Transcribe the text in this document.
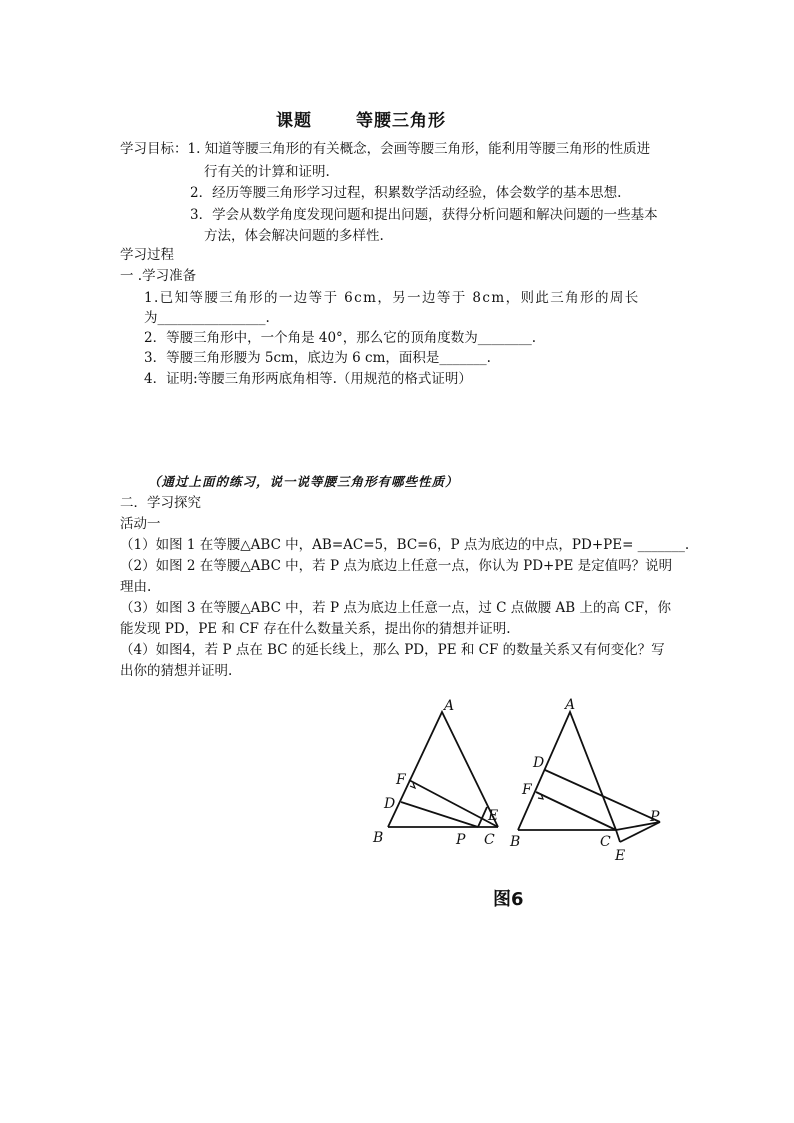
课题	等腰三角形
学习目标：1. 知道等腰三角形的有关概念，会画等腰三角形，能利用等腰三角形的性质进
行有关的计算和证明.
2．经历等腰三角形学习过程，积累数学活动经验，体会数学的基本思想.
3．学会从数学角度发现问题和提出问题，获得分析问题和解决问题的一些基本
方法，体会解决问题的多样性.
学习过程
一 .学习准备
1.已知等腰三角形的一边等于 6cm，另一边等于 8cm，则此三角形的周长
为________________.
2．等腰三角形中，一个角是 40°，那么它的顶角度数为________.
3．等腰三角形腰为 5cm，底边为 6 cm，面积是_______.
4．证明:等腰三角形两底角相等.（用规范的格式证明）
（通过上面的练习，说一说等腰三角形有哪些性质）
二．学习探究
活动一
（1）如图 1 在等腰△ABC 中，AB=AC=5，BC=6，P 点为底边的中点，PD+PE= _______.
（2）如图 2 在等腰△ABC 中，若 P 点为底边上任意一点，你认为 PD+PE 是定值吗？说明
理由.
（3）如图 3 在等腰△ABC 中，若 P 点为底边上任意一点，过 C 点做腰 AB 上的高 CF，你
能发现 PD，PE 和 CF 存在什么数量关系，提出你的猜想并证明.
（4）如图4，若 P 点在 BC 的延长线上，那么 PD，PE 和 CF 的数量关系又有何变化？写
出你的猜想并证明.
A
B	C
D
E
F
P
A
B	C
D
E
F
P
图6
